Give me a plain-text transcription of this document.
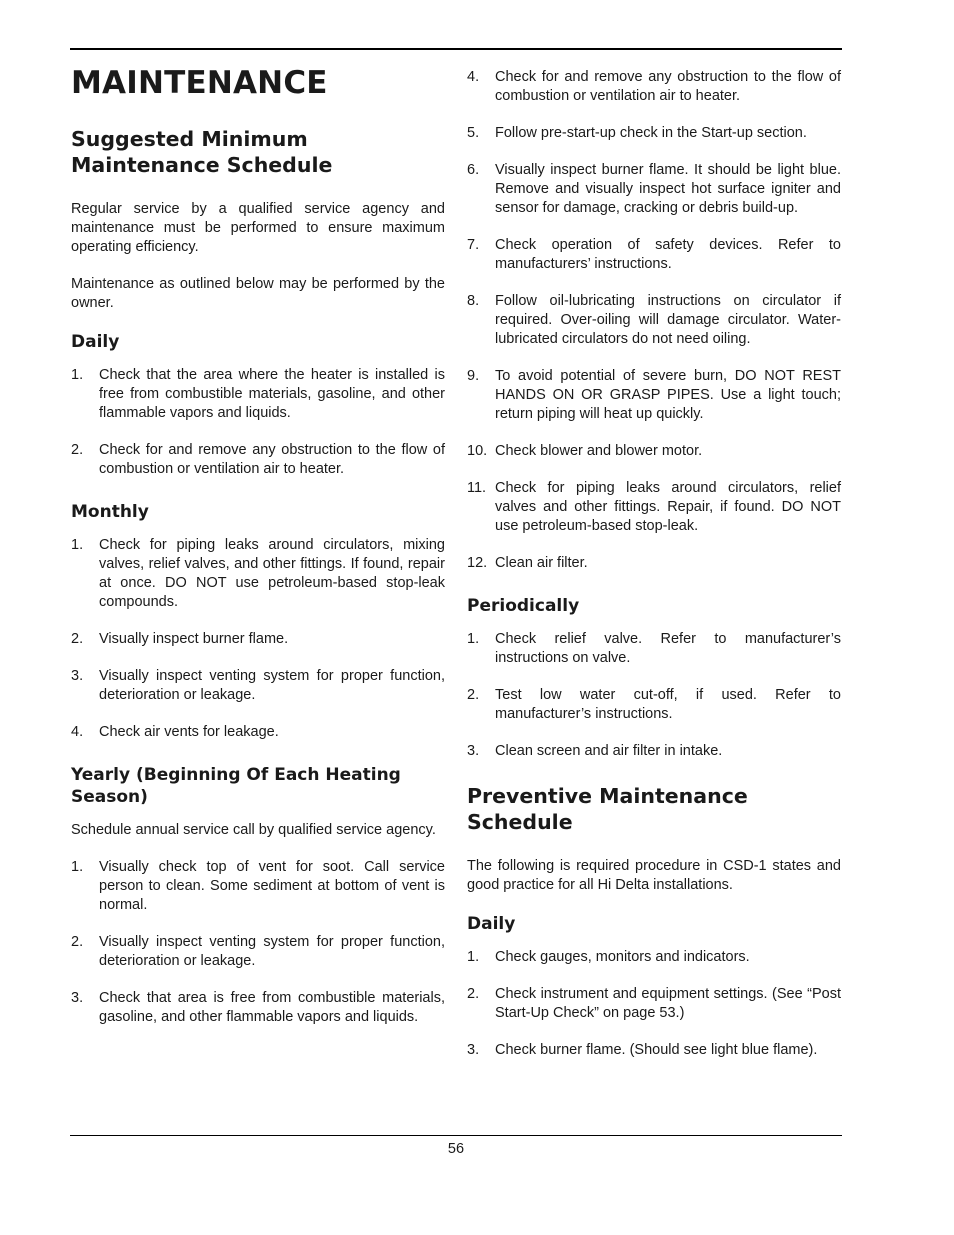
MAINTENANCE
Suggested Minimum Maintenance Schedule

Regular service by a qualified service agency and maintenance must be performed to ensure maximum operating efficiency.

Maintenance as outlined below may be performed by the owner.

Daily
1.	Check that the area where the heater is installed is free from combustible materials, gasoline, and other flammable vapors and liquids.
2.	Check for and remove any obstruction to the flow of combustion or ventilation air to heater.
Monthly
1.	Check for piping leaks around circulators, mixing valves, relief valves, and other fittings. If found, repair at once. DO NOT use petroleum-based stop-leak compounds.
2.	Visually inspect burner flame.
3.	Visually inspect venting system for proper function, deterioration or leakage.
4.	Check air vents for leakage.
Yearly (Beginning Of Each Heating Season)

Schedule annual service call by qualified service agency.

1.	Visually check top of vent for soot. Call service person to clean. Some sediment at bottom of vent is normal.
2.	Visually inspect venting system for proper function, deterioration or leakage.
3.	Check that area is free from combustible materials, gasoline, and other flammable vapors and liquids.
4.	Check for and remove any obstruction to the flow of combustion or ventilation air to heater.
5.	Follow pre-start-up check in the Start-up section.
6.	Visually inspect burner flame. It should be light blue. Remove and visually inspect hot surface igniter and sensor for damage, cracking or debris build-up.
7.	Check operation of safety devices. Refer to manufacturers’ instructions.
8.	Follow oil-lubricating instructions on circulator if required. Over-oiling will damage circulator. Water-lubricated circulators do not need oiling.
9.	To avoid potential of severe burn, DO NOT REST HANDS ON OR GRASP PIPES. Use a light touch; return piping will heat up quickly.
10. Check blower and blower motor.
11. Check for piping leaks around circulators, relief valves and other fittings. Repair, if found. DO NOT use petroleum-based stop-leak.
12. Clean air filter.
Periodically
1.	Check relief valve. Refer to manufacturer’s instructions on valve.
2.	Test low water cut-off, if used. Refer to manufacturer’s instructions.
3.	Clean screen and air filter in intake.
Preventive Maintenance Schedule

The following is required procedure in CSD-1 states and good practice for all Hi Delta installations.

Daily
1.	Check gauges, monitors and indicators.
2.	Check instrument and equipment settings. (See “Post Start-Up Check” on page 53.)
3.	Check burner flame. (Should see light blue flame).
56
